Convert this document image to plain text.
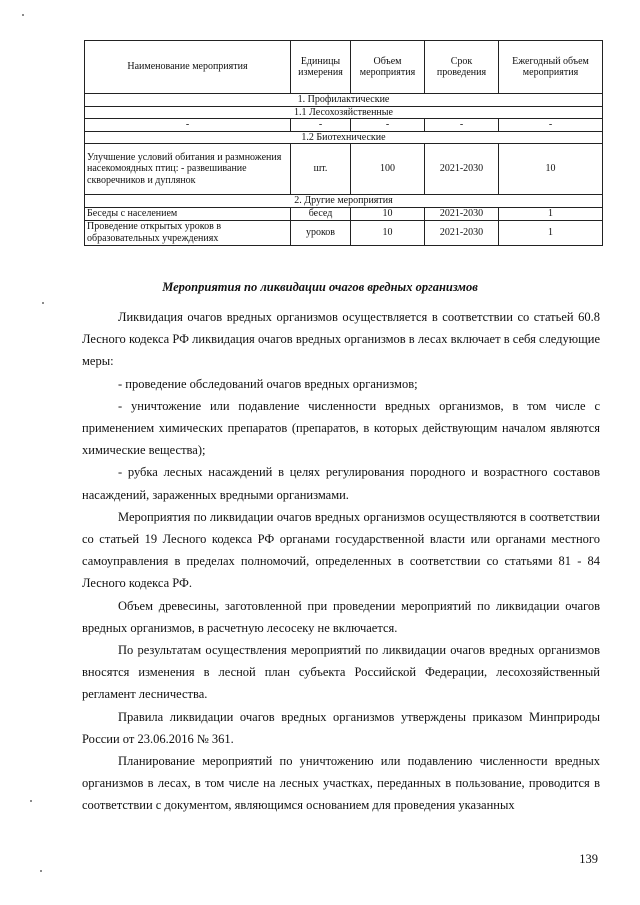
Наименование мероприятия	Единицы измерения	Объем мероприятия	Срок проведения	Ежегодный объем мероприятия
1. Профилактические				
1.1 Лесохозяйственные				
-	-	-	-	-
1.2 Биотехнические				
Улучшение условий обитания и размножения насекомоядных птиц: - развешивание скворечников и дуплянок	шт.	100	2021-2030	10
2. Другие мероприятия				
Беседы с населением	бесед	10	2021-2030	1
Проведение открытых уроков в образовательных учреждениях	уроков	10	2021-2030	1
Мероприятия по ликвидации очагов вредных организмов

Ликвидация очагов вредных организмов осуществляется в соответствии со статьей 60.8 Лесного кодекса РФ ликвидация очагов вредных организмов в лесах включает в себя следующие меры:

- проведение обследований очагов вредных организмов;

- уничтожение или подавление численности вредных организмов, в том числе с применением химических препаратов (препаратов, в которых действующим началом являются химические вещества);

- рубка лесных насаждений в целях регулирования породного и возрастного составов насаждений, зараженных вредными организмами.

Мероприятия по ликвидации очагов вредных организмов осуществляются в соответствии со статьей 19 Лесного кодекса РФ органами государственной власти или органами местного самоуправления в пределах полномочий, определенных в соответствии со статьями 81 - 84 Лесного кодекса РФ.

Объем древесины, заготовленной при проведении мероприятий по ликвидации очагов вредных организмов, в расчетную лесосеку не включается.

По результатам осуществления мероприятий по ликвидации очагов вредных организмов вносятся изменения в лесной план субъекта Российской Федерации, лесохозяйственный регламент лесничества.

Правила ликвидации очагов вредных организмов утверждены приказом Минприроды России от 23.06.2016 № 361.

Планирование мероприятий по уничтожению или подавлению численности вредных организмов в лесах, в том числе на лесных участках, переданных в пользование, проводится в соответствии с документом, являющимся основанием для проведения указанных

139
